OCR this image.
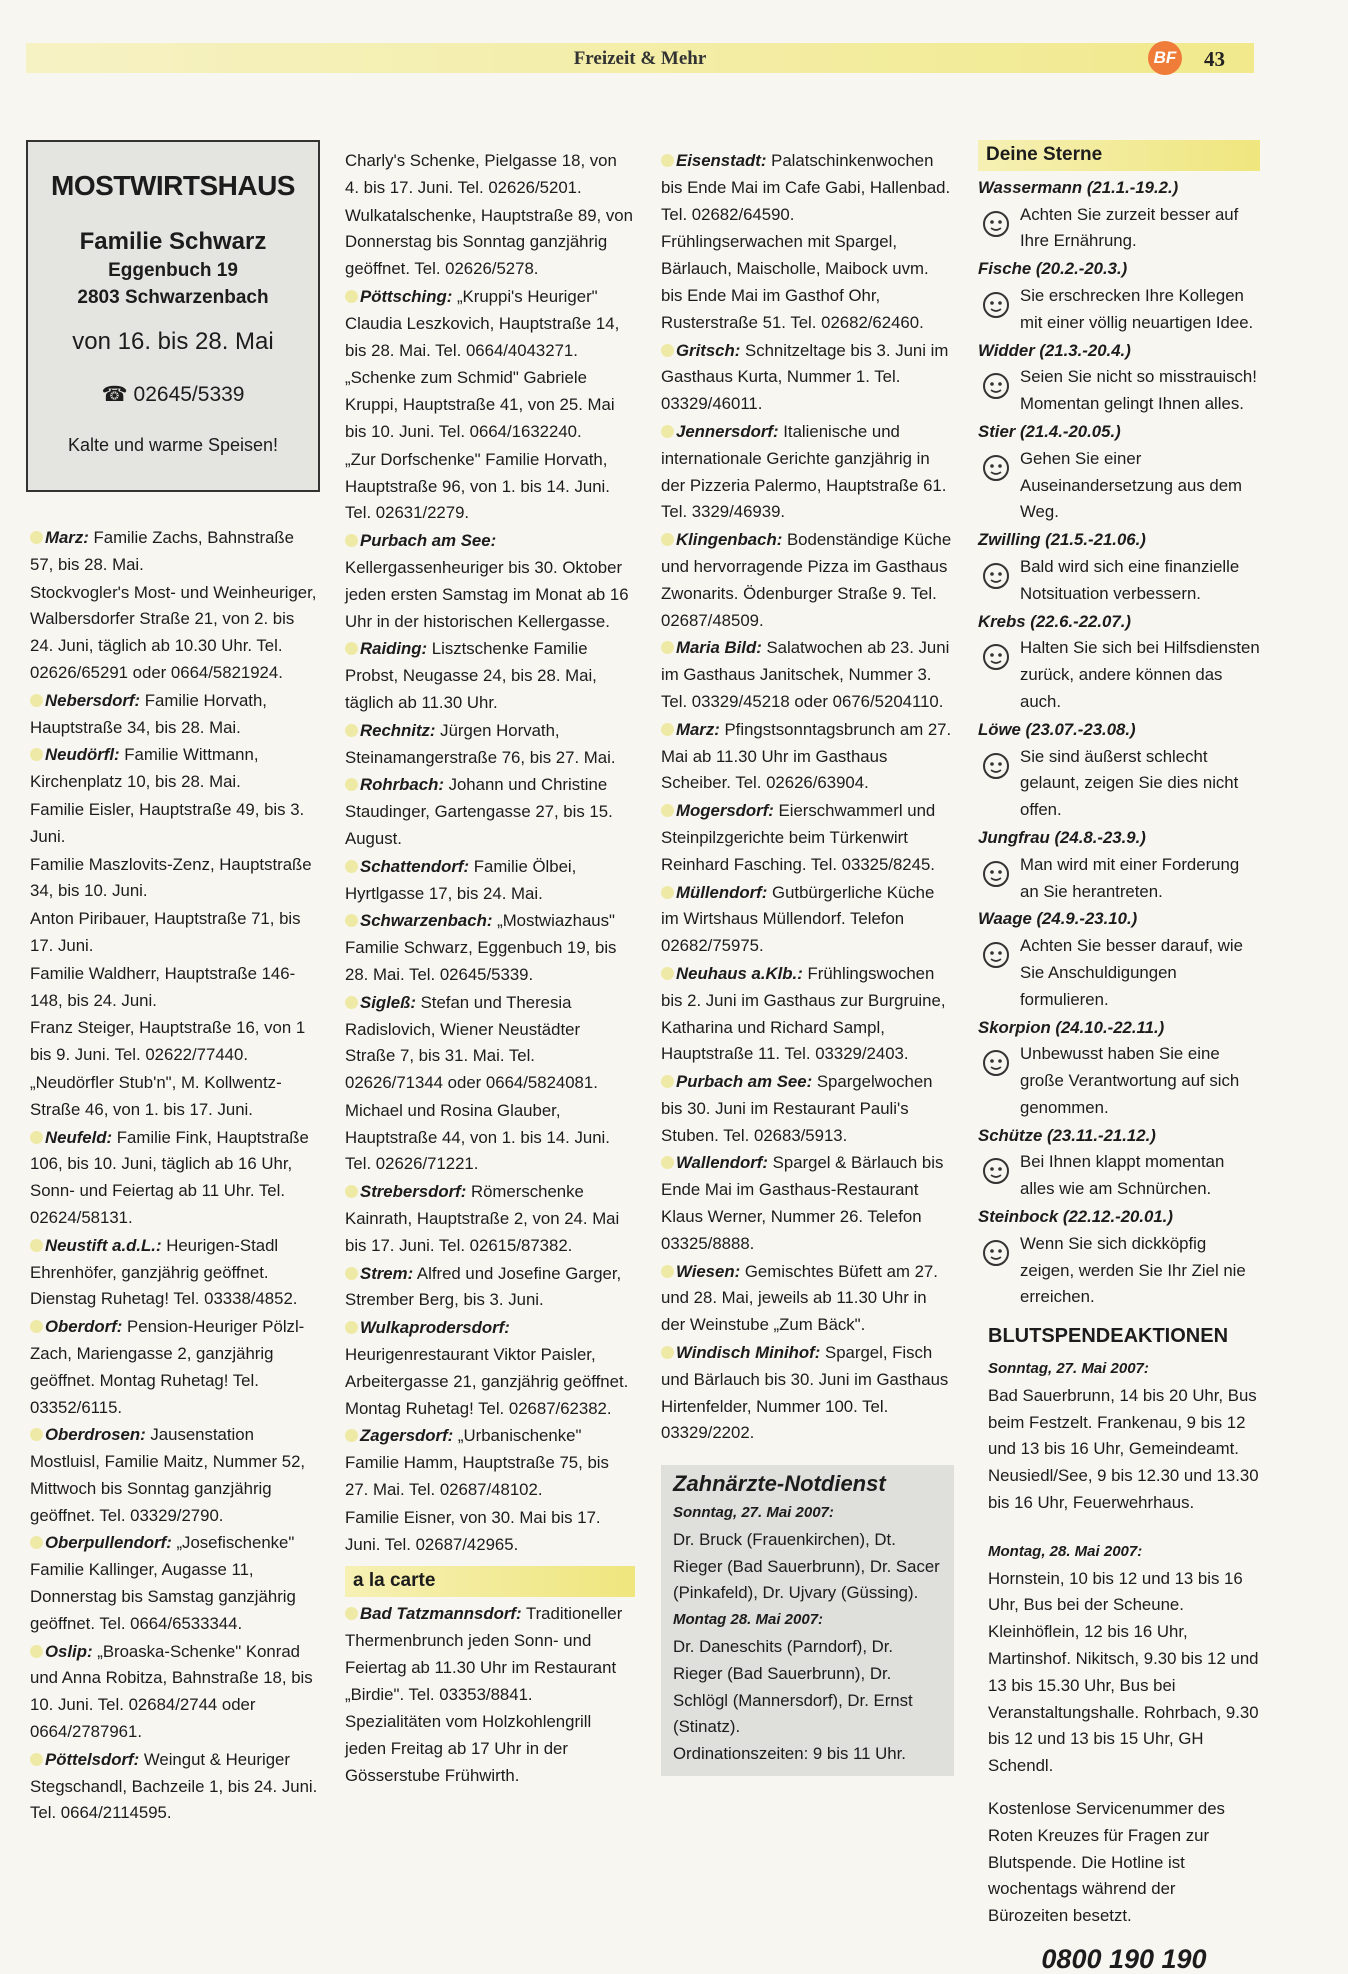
Freizeit & Mehr	BF 43
MOSTWIRTSHAUS
Familie Schwarz
Eggenbuch 19
2803 Schwarzenbach
von 16. bis 28. Mai
☎ 02645/5339
Kalte und warme Speisen!
Marz: Familie Zachs, Bahnstraße 57, bis 28. Mai.
Stockvogler's Most- und Weinheuriger, Walbersdorfer Straße 21, von 2. bis 24. Juni, täglich ab 10.30 Uhr. Tel. 02626/65291 oder 0664/5821924.
Nebersdorf: Familie Horvath, Hauptstraße 34, bis 28. Mai.
Neudörfl: Familie Wittmann, Kirchenplatz 10, bis 28. Mai.
Familie Eisler, Hauptstraße 49, bis 3. Juni.
Familie Maszlovits-Zenz, Hauptstraße 34, bis 10. Juni.
Anton Piribauer, Hauptstraße 71, bis 17. Juni.
Familie Waldherr, Hauptstraße 146-148, bis 24. Juni.
Franz Steiger, Hauptstraße 16, von 1 bis 9. Juni. Tel. 02622/77440.
„Neudörfler Stub'n", M. Kollwentz-Straße 46, von 1. bis 17. Juni.
Neufeld: Familie Fink, Hauptstraße 106, bis 10. Juni, täglich ab 16 Uhr, Sonn- und Feiertag ab 11 Uhr. Tel. 02624/58131.
Neustift a.d.L.: Heurigen-Stadl Ehrenhöfer, ganzjährig geöffnet. Dienstag Ruhetag! Tel. 03338/4852.
Oberdorf: Pension-Heuriger Pölzl-Zach, Mariengasse 2, ganzjährig geöffnet. Montag Ruhetag! Tel. 03352/6115.
Oberdrosen: Jausenstation Mostluisl, Familie Maitz, Nummer 52, Mittwoch bis Sonntag ganzjährig geöffnet. Tel. 03329/2790.
Oberpullendorf: „Josefischenke" Familie Kallinger, Augasse 11, Donnerstag bis Samstag ganzjährig geöffnet. Tel. 0664/6533344.
Oslip: „Broaska-Schenke" Konrad und Anna Robitza, Bahnstraße 18, bis 10. Juni. Tel. 02684/2744 oder 0664/2787961.
Pöttelsdorf: Weingut & Heuriger Stegschandl, Bachzeile 1, bis 24. Juni. Tel. 0664/2114595.
Charly's Schenke, Pielgasse 18, von 4. bis 17. Juni. Tel. 02626/5201.
Wulkatalschenke, Hauptstraße 89, von Donnerstag bis Sonntag ganzjährig geöffnet. Tel. 02626/5278.
Pöttsching: „Kruppi's Heuriger" Claudia Leszkovich, Hauptstraße 14, bis 28. Mai. Tel. 0664/4043271.
„Schenke zum Schmid" Gabriele Kruppi, Hauptstraße 41, von 25. Mai bis 10. Juni. Tel. 0664/1632240.
„Zur Dorfschenke" Familie Horvath, Hauptstraße 96, von 1. bis 14. Juni. Tel. 02631/2279.
Purbach am See: Kellergassenheuriger bis 30. Oktober jeden ersten Samstag im Monat ab 16 Uhr in der historischen Kellergasse.
Raiding: Lisztschenke Familie Probst, Neugasse 24, bis 28. Mai, täglich ab 11.30 Uhr.
Rechnitz: Jürgen Horvath, Steinamangerstraße 76, bis 27. Mai.
Rohrbach: Johann und Christine Staudinger, Gartengasse 27, bis 15. August.
Schattendorf: Familie Ölbei, Hyrtlgasse 17, bis 24. Mai.
Schwarzenbach: „Mostwiazhaus" Familie Schwarz, Eggenbuch 19, bis 28. Mai. Tel. 02645/5339.
Sigleß: Stefan und Theresia Radislovich, Wiener Neustädter Straße 7, bis 31. Mai. Tel. 02626/71344 oder 0664/5824081.
Michael und Rosina Glauber, Hauptstraße 44, von 1. bis 14. Juni. Tel. 02626/71221.
Strebersdorf: Römerschenke Kainrath, Hauptstraße 2, von 24. Mai bis 17. Juni. Tel. 02615/87382.
Strem: Alfred und Josefine Garger, Strember Berg, bis 3. Juni.
Wulkaprodersdorf: Heurigenrestaurant Viktor Paisler, Arbeitergasse 21, ganzjährig geöffnet. Montag Ruhetag! Tel. 02687/62382.
Zagersdorf: „Urbanischenke" Familie Hamm, Hauptstraße 75, bis 27. Mai. Tel. 02687/48102.
Familie Eisner, von 30. Mai bis 17. Juni. Tel. 02687/42965.
a la carte
Bad Tatzmannsdorf: Traditioneller Thermenbrunch jeden Sonn- und Feiertag ab 11.30 Uhr im Restaurant „Birdie". Tel. 03353/8841.
Spezialitäten vom Holzkohlengrill jeden Freitag ab 17 Uhr in der Gösserstube Frühwirth.
Eisenstadt: Palatschinkenwochen bis Ende Mai im Cafe Gabi, Hallenbad. Tel. 02682/64590.
Frühlingserwachen mit Spargel, Bärlauch, Maischolle, Maibock uvm. bis Ende Mai im Gasthof Ohr, Rusterstraße 51. Tel. 02682/62460.
Gritsch: Schnitzeltage bis 3. Juni im Gasthaus Kurta, Nummer 1. Tel. 03329/46011.
Jennersdorf: Italienische und internationale Gerichte ganzjährig in der Pizzeria Palermo, Hauptstraße 61. Tel. 3329/46939.
Klingenbach: Bodenständige Küche und hervorragende Pizza im Gasthaus Zwonarits. Ödenburger Straße 9. Tel. 02687/48509.
Maria Bild: Salatwochen ab 23. Juni im Gasthaus Janitschek, Nummer 3. Tel. 03329/45218 oder 0676/5204110.
Marz: Pfingstsonntagsbrunch am 27. Mai ab 11.30 Uhr im Gasthaus Scheiber. Tel. 02626/63904.
Mogersdorf: Eierschwammerl und Steinpilzgerichte beim Türkenwirt Reinhard Fasching. Tel. 03325/8245.
Müllendorf: Gutbürgerliche Küche im Wirtshaus Müllendorf. Telefon 02682/75975.
Neuhaus a.Klb.: Frühlingswochen bis 2. Juni im Gasthaus zur Burgruine, Katharina und Richard Sampl, Hauptstraße 11. Tel. 03329/2403.
Purbach am See: Spargelwochen bis 30. Juni im Restaurant Pauli's Stuben. Tel. 02683/5913.
Wallendorf: Spargel & Bärlauch bis Ende Mai im Gasthaus-Restaurant Klaus Werner, Nummer 26. Telefon 03325/8888.
Wiesen: Gemischtes Büfett am 27. und 28. Mai, jeweils ab 11.30 Uhr in der Weinstube „Zum Bäck".
Windisch Minihof: Spargel, Fisch und Bärlauch bis 30. Juni im Gasthaus Hirtenfelder, Nummer 100. Tel. 03329/2202.
Zahnärzte-Notdienst
Sonntag, 27. Mai 2007:
Dr. Bruck (Frauenkirchen), Dt. Rieger (Bad Sauerbrunn), Dr. Sacer (Pinkafeld), Dr. Ujvary (Güssing).
Montag 28. Mai 2007:
Dr. Daneschits (Parndorf), Dr. Rieger (Bad Sauerbrunn), Dr. Schlögl (Mannersdorf), Dr. Ernst (Stinatz).
Ordinationszeiten: 9 bis 11 Uhr.
Deine Sterne
Wassermann (21.1.-19.2.)
Achten Sie zurzeit besser auf Ihre Ernährung.
Fische (20.2.-20.3.)
Sie erschrecken Ihre Kollegen mit einer völlig neuartigen Idee.
Widder (21.3.-20.4.)
Seien Sie nicht so misstrauisch! Momentan gelingt Ihnen alles.
Stier (21.4.-20.05.)
Gehen Sie einer Auseinandersetzung aus dem Weg.
Zwilling (21.5.-21.06.)
Bald wird sich eine finanzielle Notsituation verbessern.
Krebs (22.6.-22.07.)
Halten Sie sich bei Hilfsdiensten zurück, andere können das auch.
Löwe (23.07.-23.08.)
Sie sind äußerst schlecht gelaunt, zeigen Sie dies nicht offen.
Jungfrau (24.8.-23.9.)
Man wird mit einer Forderung an Sie herantreten.
Waage (24.9.-23.10.)
Achten Sie besser darauf, wie Sie Anschuldigungen formulieren.
Skorpion (24.10.-22.11.)
Unbewusst haben Sie eine große Verantwortung auf sich genommen.
Schütze (23.11.-21.12.)
Bei Ihnen klappt momentan alles wie am Schnürchen.
Steinbock (22.12.-20.01.)
Wenn Sie sich dickköpfig zeigen, werden Sie Ihr Ziel nie erreichen.
BLUTSPENDEAKTIONEN
Sonntag, 27. Mai 2007:
Bad Sauerbrunn, 14 bis 20 Uhr, Bus beim Festzelt. Frankenau, 9 bis 12 und 13 bis 16 Uhr, Gemeindeamt. Neusiedl/See, 9 bis 12.30 und 13.30 bis 16 Uhr, Feuerwehrhaus.
Montag, 28. Mai 2007:
Hornstein, 10 bis 12 und 13 bis 16 Uhr, Bus bei der Scheune. Kleinhöflein, 12 bis 16 Uhr, Martinshof. Nikitsch, 9.30 bis 12 und 13 bis 15.30 Uhr, Bus bei Veranstaltungshalle. Rohrbach, 9.30 bis 12 und 13 bis 15 Uhr, GH Schendl.
Kostenlose Servicenummer des Roten Kreuzes für Fragen zur Blutspende. Die Hotline ist wochentags während der Bürozeiten besetzt.
0800 190 190
